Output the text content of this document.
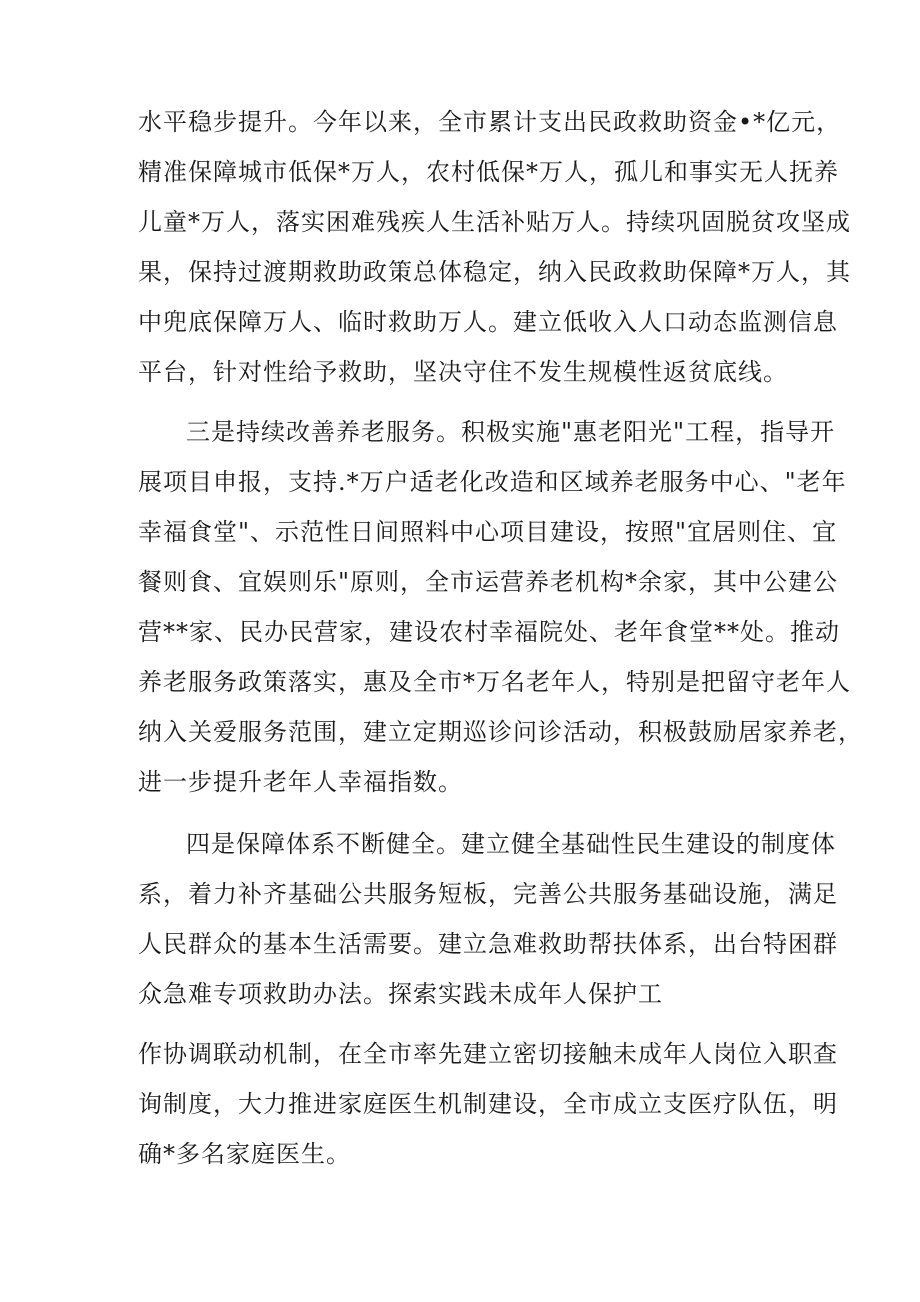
水平稳步提升。今年以来，全市累计支出民政救助资金•*亿元，
精准保障城市低保*万人，农村低保*万人，孤儿和事实无人抚养
儿童*万人，落实困难残疾人生活补贴万人。持续巩固脱贫攻坚成
果，保持过渡期救助政策总体稳定，纳入民政救助保障*万人，其
中兜底保障万人、临时救助万人。建立低收入人口动态监测信息
平台，针对性给予救助，坚决守住不发生规模性返贫底线。
三是持续改善养老服务。积极实施"惠老阳光"工程，指导开
展项目申报，支持.*万户适老化改造和区域养老服务中心、"老年
幸福食堂"、示范性日间照料中心项目建设，按照"宜居则住、宜
餐则食、宜娱则乐"原则，全市运营养老机构*余家，其中公建公
营**家、民办民营家，建设农村幸福院处、老年食堂**处。推动
养老服务政策落实，惠及全市*万名老年人，特别是把留守老年人
纳入关爱服务范围，建立定期巡诊问诊活动，积极鼓励居家养老，
进一步提升老年人幸福指数。
四是保障体系不断健全。建立健全基础性民生建设的制度体
系，着力补齐基础公共服务短板，完善公共服务基础设施，满足
人民群众的基本生活需要。建立急难救助帮扶体系，出台特困群
众急难专项救助办法。探索实践未成年人保护工
作协调联动机制，在全市率先建立密切接触未成年人岗位入职查
询制度，大力推进家庭医生机制建设，全市成立支医疗队伍，明
确*多名家庭医生。
